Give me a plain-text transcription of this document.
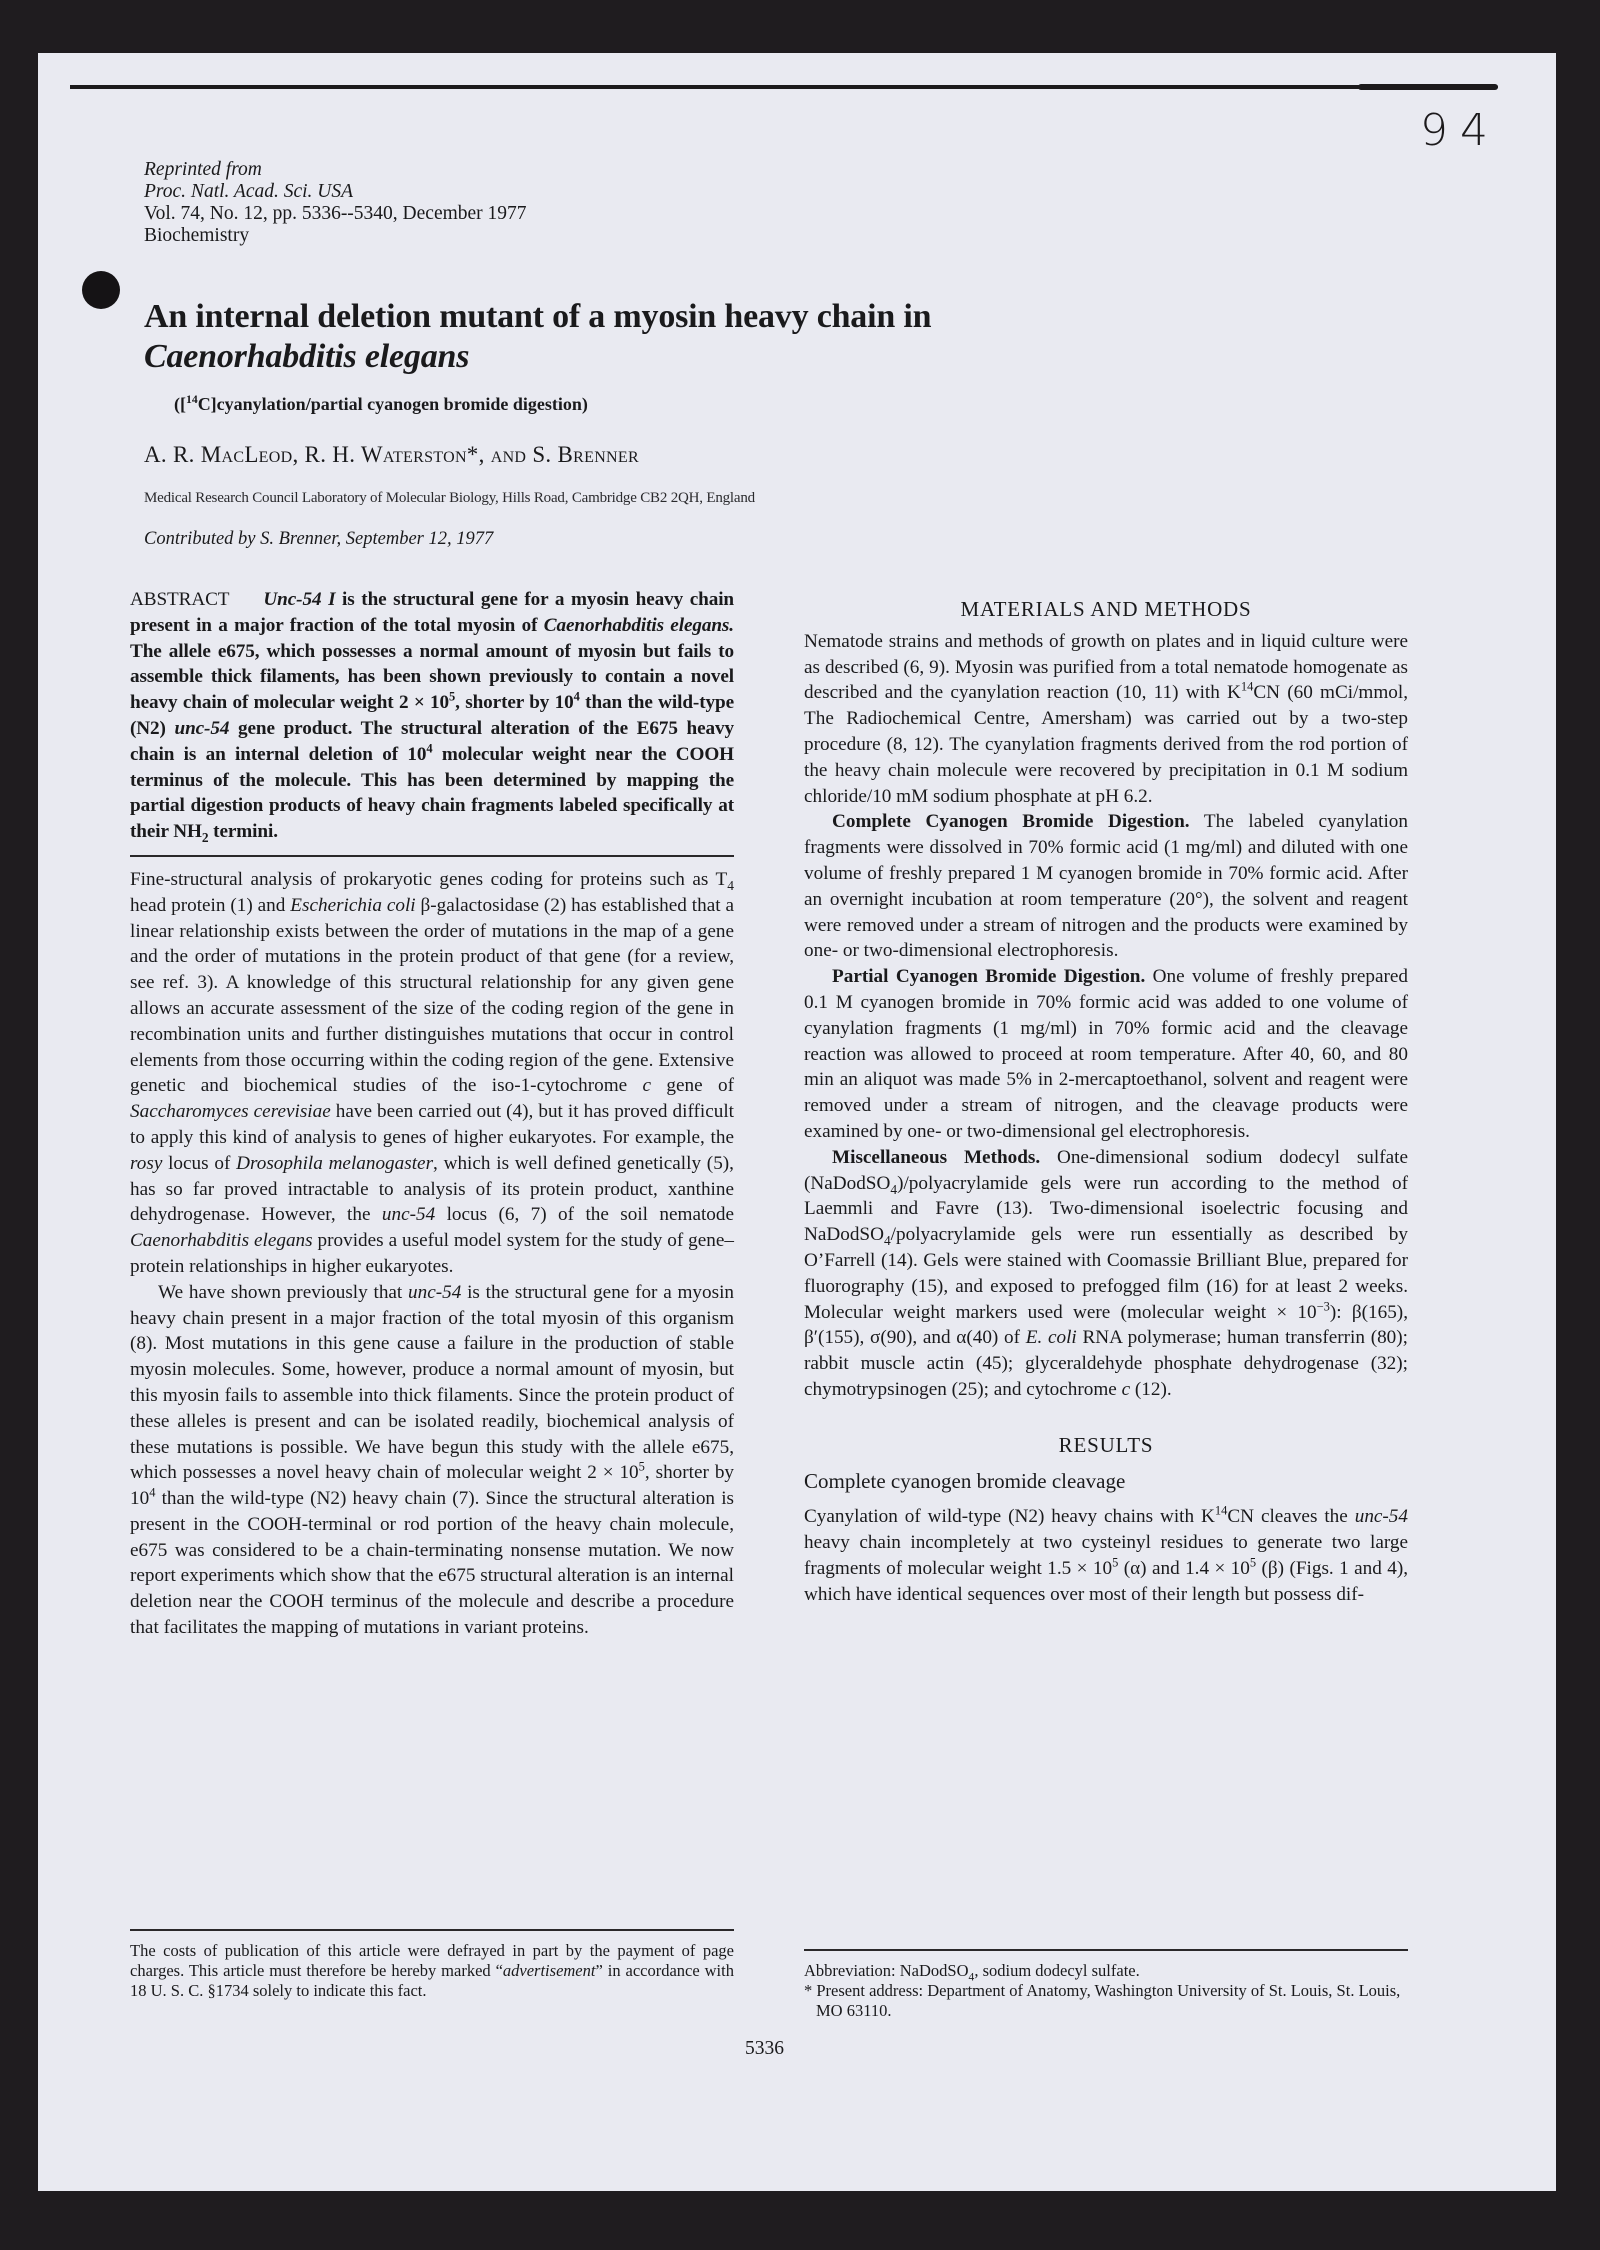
94
Reprinted from
Proc. Natl. Acad. Sci. USA
Vol. 74, No. 12, pp. 5336--5340, December 1977
Biochemistry
An internal deletion mutant of a myosin heavy chain in
Caenorhabditis elegans
([$^{14}$C]cyanylation/partial cyanogen bromide digestion)
A. R. MacLeod, R. H. Waterston*, and S. Brenner
Medical Research Council Laboratory of Molecular Biology, Hills Road, Cambridge CB2 2QH, England
Contributed by S. Brenner, September 12, 1977

ABSTRACT Unc-54 I is the structural gene for a myosin heavy chain present in a major fraction of the total myosin of Caenorhabditis elegans. The allele e675, which possesses a normal amount of myosin but fails to assemble thick filaments, has been shown previously to contain a novel heavy chain of molecular weight $2 \times 10^5$, shorter by $10^4$ than the wild-type (N2) unc-54 gene product. The structural alteration of the E675 heavy chain is an internal deletion of $10^4$ molecular weight near the COOH terminus of the molecule. This has been determined by mapping the partial digestion products of heavy chain fragments labeled specifically at their $NH_2$ termini.

Fine-structural analysis of prokaryotic genes coding for proteins such as $T_4$ head protein (1) and Escherichia coli β-galactosidase (2) has established that a linear relationship exists between the order of mutations in the map of a gene and the order of mutations in the protein product of that gene (for a review, see ref. 3). A knowledge of this structural relationship for any given gene allows an accurate assessment of the size of the coding region of the gene in recombination units and further distinguishes mutations that occur in control elements from those occurring within the coding region of the gene. Extensive genetic and biochemical studies of the iso-1-cytochrome c gene of Saccharomyces cerevisiae have been carried out (4), but it has proved difficult to apply this kind of analysis to genes of higher eukaryotes. For example, the rosy locus of Drosophila melanogaster, which is well defined genetically (5), has so far proved intractable to analysis of its protein product, xanthine dehydrogenase. However, the unc-54 locus (6, 7) of the soil nematode Caenorhabditis elegans provides a useful model system for the study of gene–protein relationships in higher eukaryotes.

We have shown previously that unc-54 is the structural gene for a myosin heavy chain present in a major fraction of the total myosin of this organism (8). Most mutations in this gene cause a failure in the production of stable myosin molecules. Some, however, produce a normal amount of myosin, but this myosin fails to assemble into thick filaments. Since the protein product of these alleles is present and can be isolated readily, biochemical analysis of these mutations is possible. We have begun this study with the allele e675, which possesses a novel heavy chain of molecular weight $2 \times 10^5$, shorter by $10^4$ than the wild-type (N2) heavy chain (7). Since the structural alteration is present in the COOH-terminal or rod portion of the heavy chain molecule, e675 was considered to be a chain-terminating nonsense mutation. We now report experiments which show that the e675 structural alteration is an internal deletion near the COOH terminus of the molecule and describe a procedure that facilitates the mapping of mutations in variant proteins.

The costs of publication of this article were defrayed in part by the payment of page charges. This article must therefore be hereby marked “advertisement” in accordance with 18 U. S. C. §1734 solely to indicate this fact.

MATERIALS AND METHODS

Nematode strains and methods of growth on plates and in liquid culture were as described (6, 9). Myosin was purified from a total nematode homogenate as described and the cyanylation reaction (10, 11) with $K^{14}CN$ (60 mCi/mmol, The Radiochemical Centre, Amersham) was carried out by a two-step procedure (8, 12). The cyanylation fragments derived from the rod portion of the heavy chain molecule were recovered by precipitation in 0.1 M sodium chloride/10 mM sodium phosphate at pH 6.2.

Complete Cyanogen Bromide Digestion. The labeled cyanylation fragments were dissolved in 70% formic acid (1 mg/ml) and diluted with one volume of freshly prepared 1 M cyanogen bromide in 70% formic acid. After an overnight incubation at room temperature (20°), the solvent and reagent were removed under a stream of nitrogen and the products were examined by one- or two-dimensional electrophoresis.

Partial Cyanogen Bromide Digestion. One volume of freshly prepared 0.1 M cyanogen bromide in 70% formic acid was added to one volume of cyanylation fragments (1 mg/ml) in 70% formic acid and the cleavage reaction was allowed to proceed at room temperature. After 40, 60, and 80 min an aliquot was made 5% in 2-mercaptoethanol, solvent and reagent were removed under a stream of nitrogen, and the cleavage products were examined by one- or two-dimensional gel electrophoresis.

Miscellaneous Methods. One-dimensional sodium dodecyl sulfate (NaDodSO$_4$)/polyacrylamide gels were run according to the method of Laemmli and Favre (13). Two-dimensional isoelectric focusing and NaDodSO$_4$/polyacrylamide gels were run essentially as described by O’Farrell (14). Gels were stained with Coomassie Brilliant Blue, prepared for fluorography (15), and exposed to prefogged film (16) for at least 2 weeks. Molecular weight markers used were (molecular weight × $10^{-3}$): β(165), β′(155), σ(90), and α(40) of E. coli RNA polymerase; human transferrin (80); rabbit muscle actin (45); glyceraldehyde phosphate dehydrogenase (32); chymotrypsinogen (25); and cytochrome c (12).

RESULTS
Complete cyanogen bromide cleavage

Cyanylation of wild-type (N2) heavy chains with $K^{14}CN$ cleaves the unc-54 heavy chain incompletely at two cysteinyl residues to generate two large fragments of molecular weight $1.5 \times 10^5$ (α) and $1.4 \times 10^5$ (β) (Figs. 1 and 4), which have identical sequences over most of their length but possess dif-

Abbreviation: NaDodSO$_4$, sodium dodecyl sulfate.

* Present address: Department of Anatomy, Washington University of St. Louis, St. Louis, MO 63110.

5336
